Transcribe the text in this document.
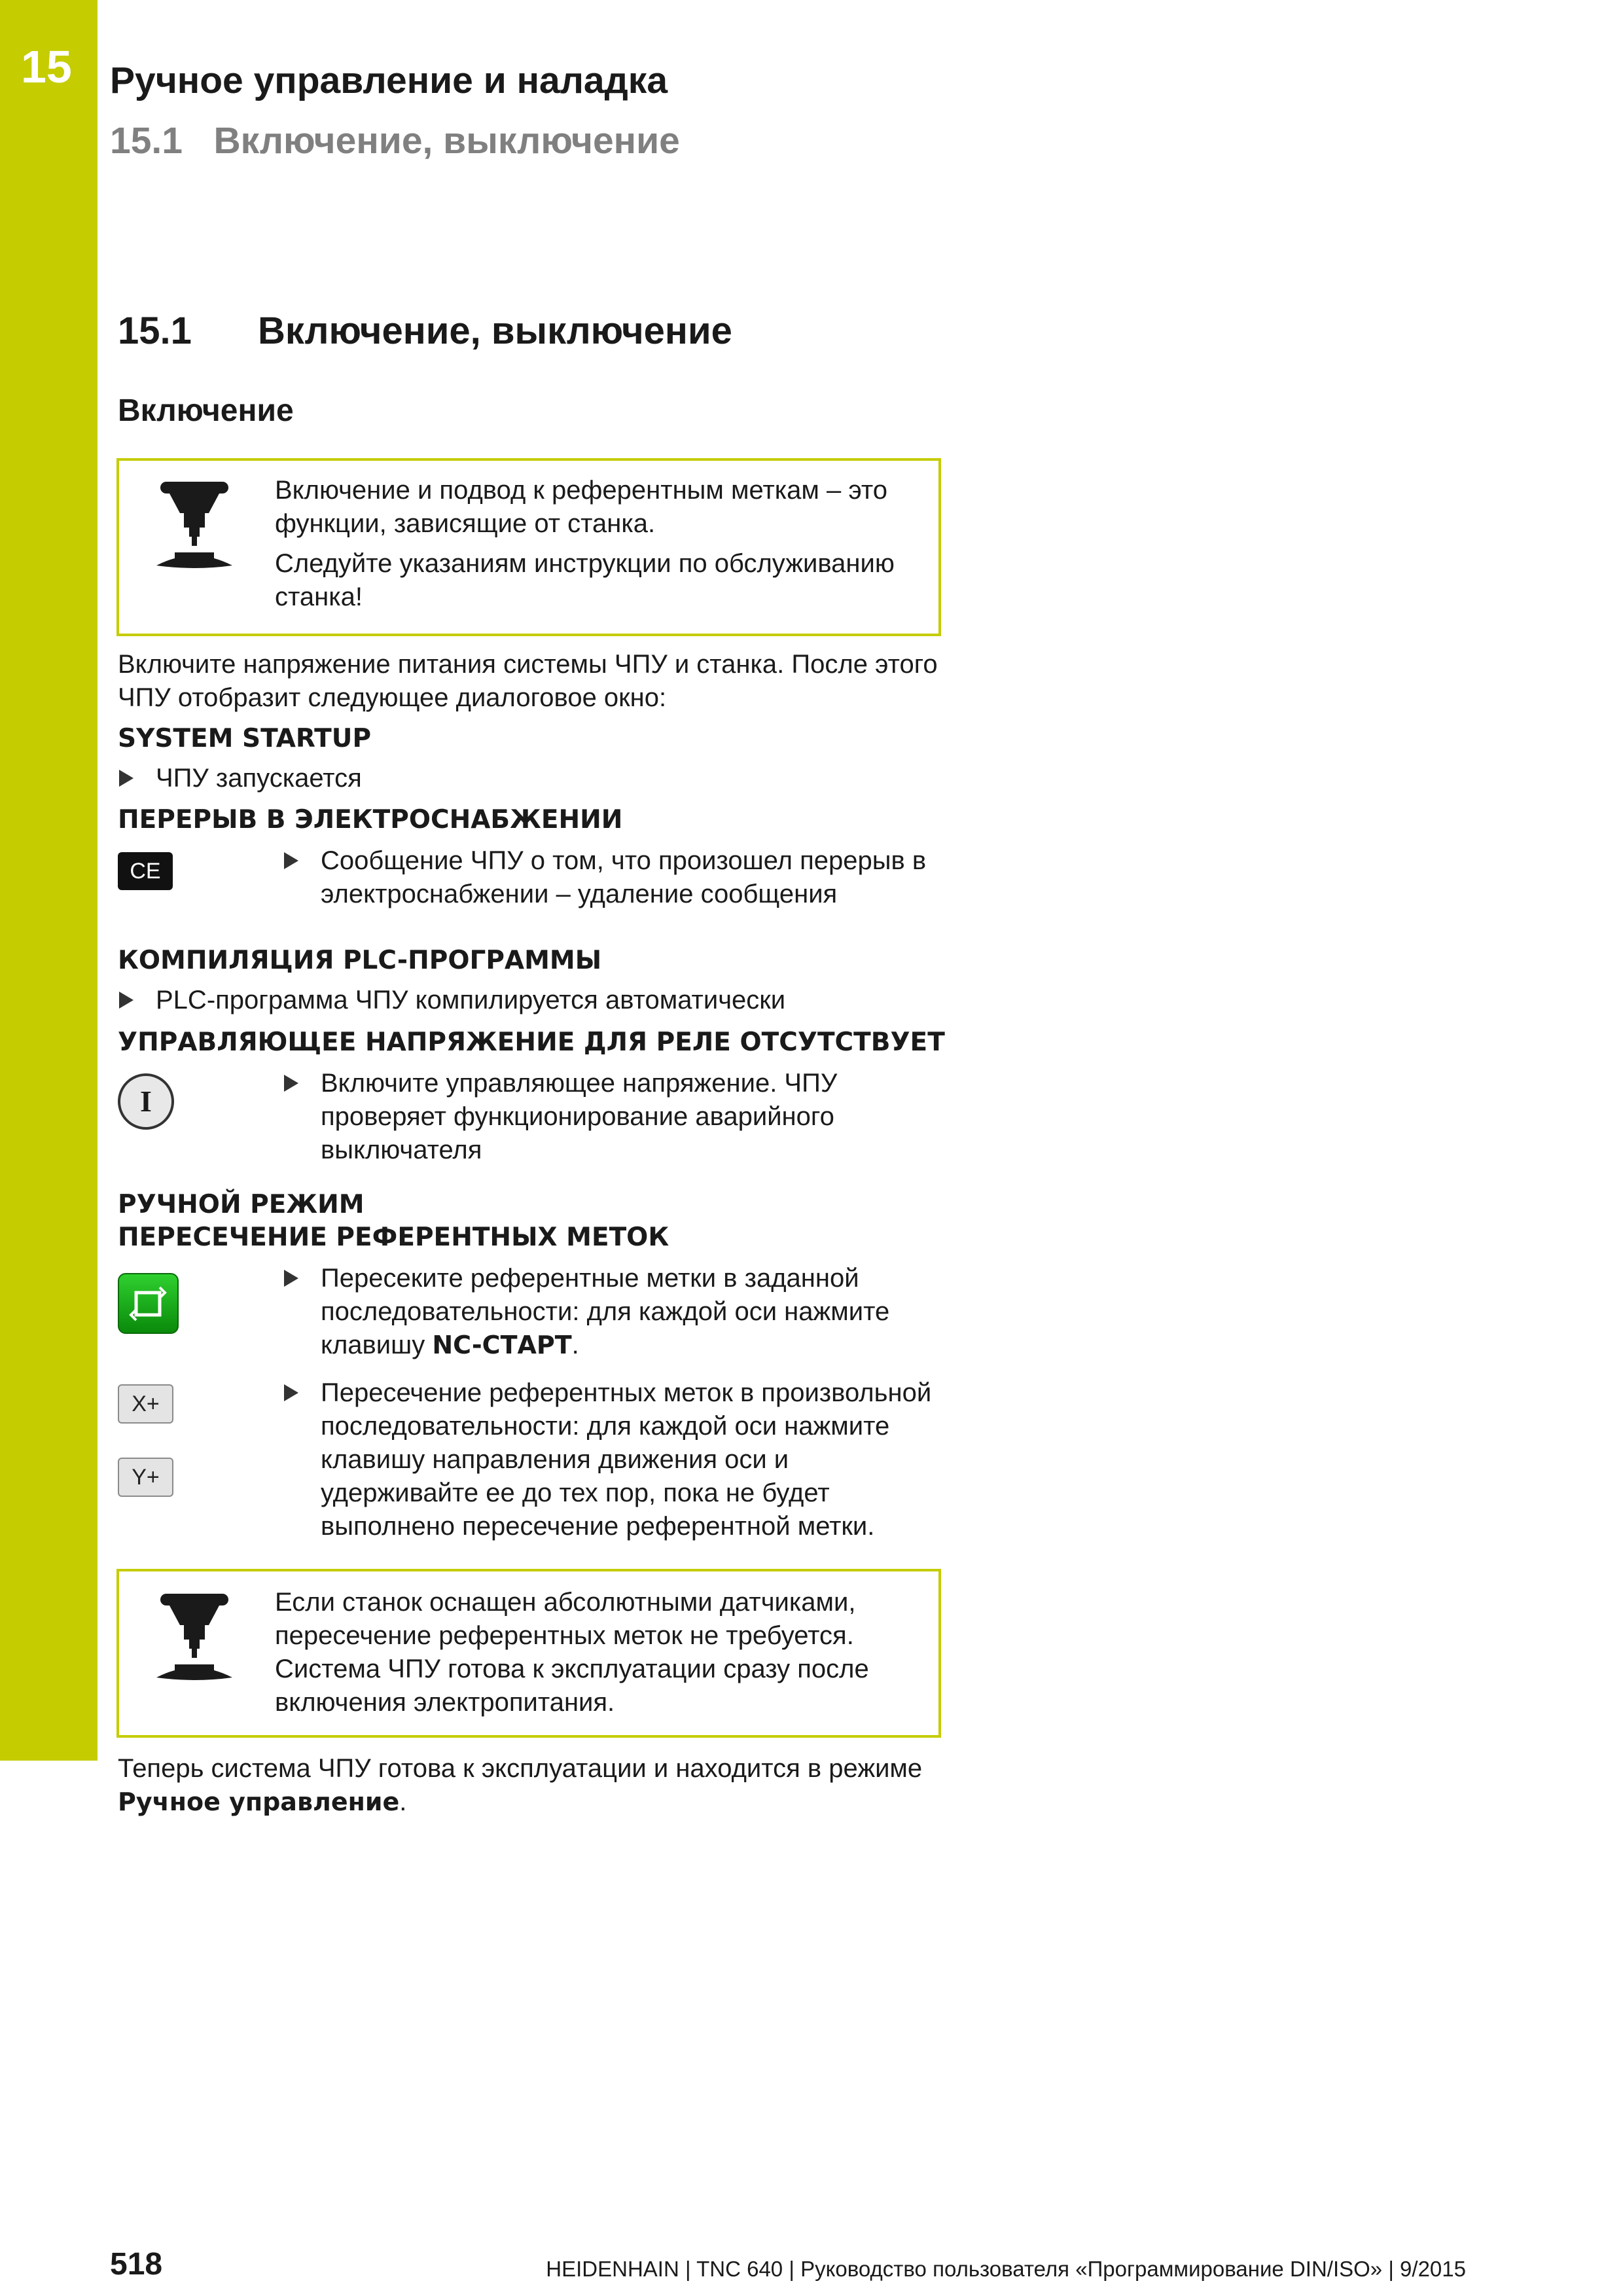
15 Ручное управление и наладка
15.1   Включение, выключение
15.1 Включение, выключение
Включение

Включение и подвод к референтным меткам – это функции, зависящие от станка.

Следуйте указаниям инструкции по обслуживанию станка!

Включите напряжение питания системы ЧПУ и станка. После этого ЧПУ отобразит следующее диалоговое окно:

SYSTEM STARTUP

ЧПУ запускается

ПЕРЕРЫВ В ЭЛЕКТРОСНАБЖЕНИИ
CE	Сообщение ЧПУ о том, что произошел перерыв в электроснабжении – удаление сообщения

КОМПИЛЯЦИЯ PLC-ПРОГРАММЫ

PLC-программа ЧПУ компилируется автоматически

УПРАВЛЯЮЩЕЕ НАПРЯЖЕНИЕ ДЛЯ РЕЛЕ ОТСУТСТВУЕТ
I

Включите управляющее напряжение. ЧПУ проверяет функционирование аварийного выключателя

РУЧНОЙ РЕЖИМ
ПЕРЕСЕЧЕНИЕ РЕФЕРЕНТНЫХ МЕТОК

Пересеките референтные метки в заданной последовательности: для каждой оси нажмите клавишу NC-СТАРТ.

X+
Y+

Пересечение референтных меток в произвольной последовательности: для каждой оси нажмите клавишу направления движения оси и удерживайте ее до тех пор, пока не будет выполнено пересечение референтной метки.

Если станок оснащен абсолютными датчиками, пересечение референтных меток не требуется. Система ЧПУ готова к эксплуатации сразу после включения электропитания.

Теперь система ЧПУ готова к эксплуатации и находится в режиме Ручное управление.

518	HEIDENHAIN | TNC 640 | Руководство пользователя «Программирование DIN/ISO» | 9/2015
